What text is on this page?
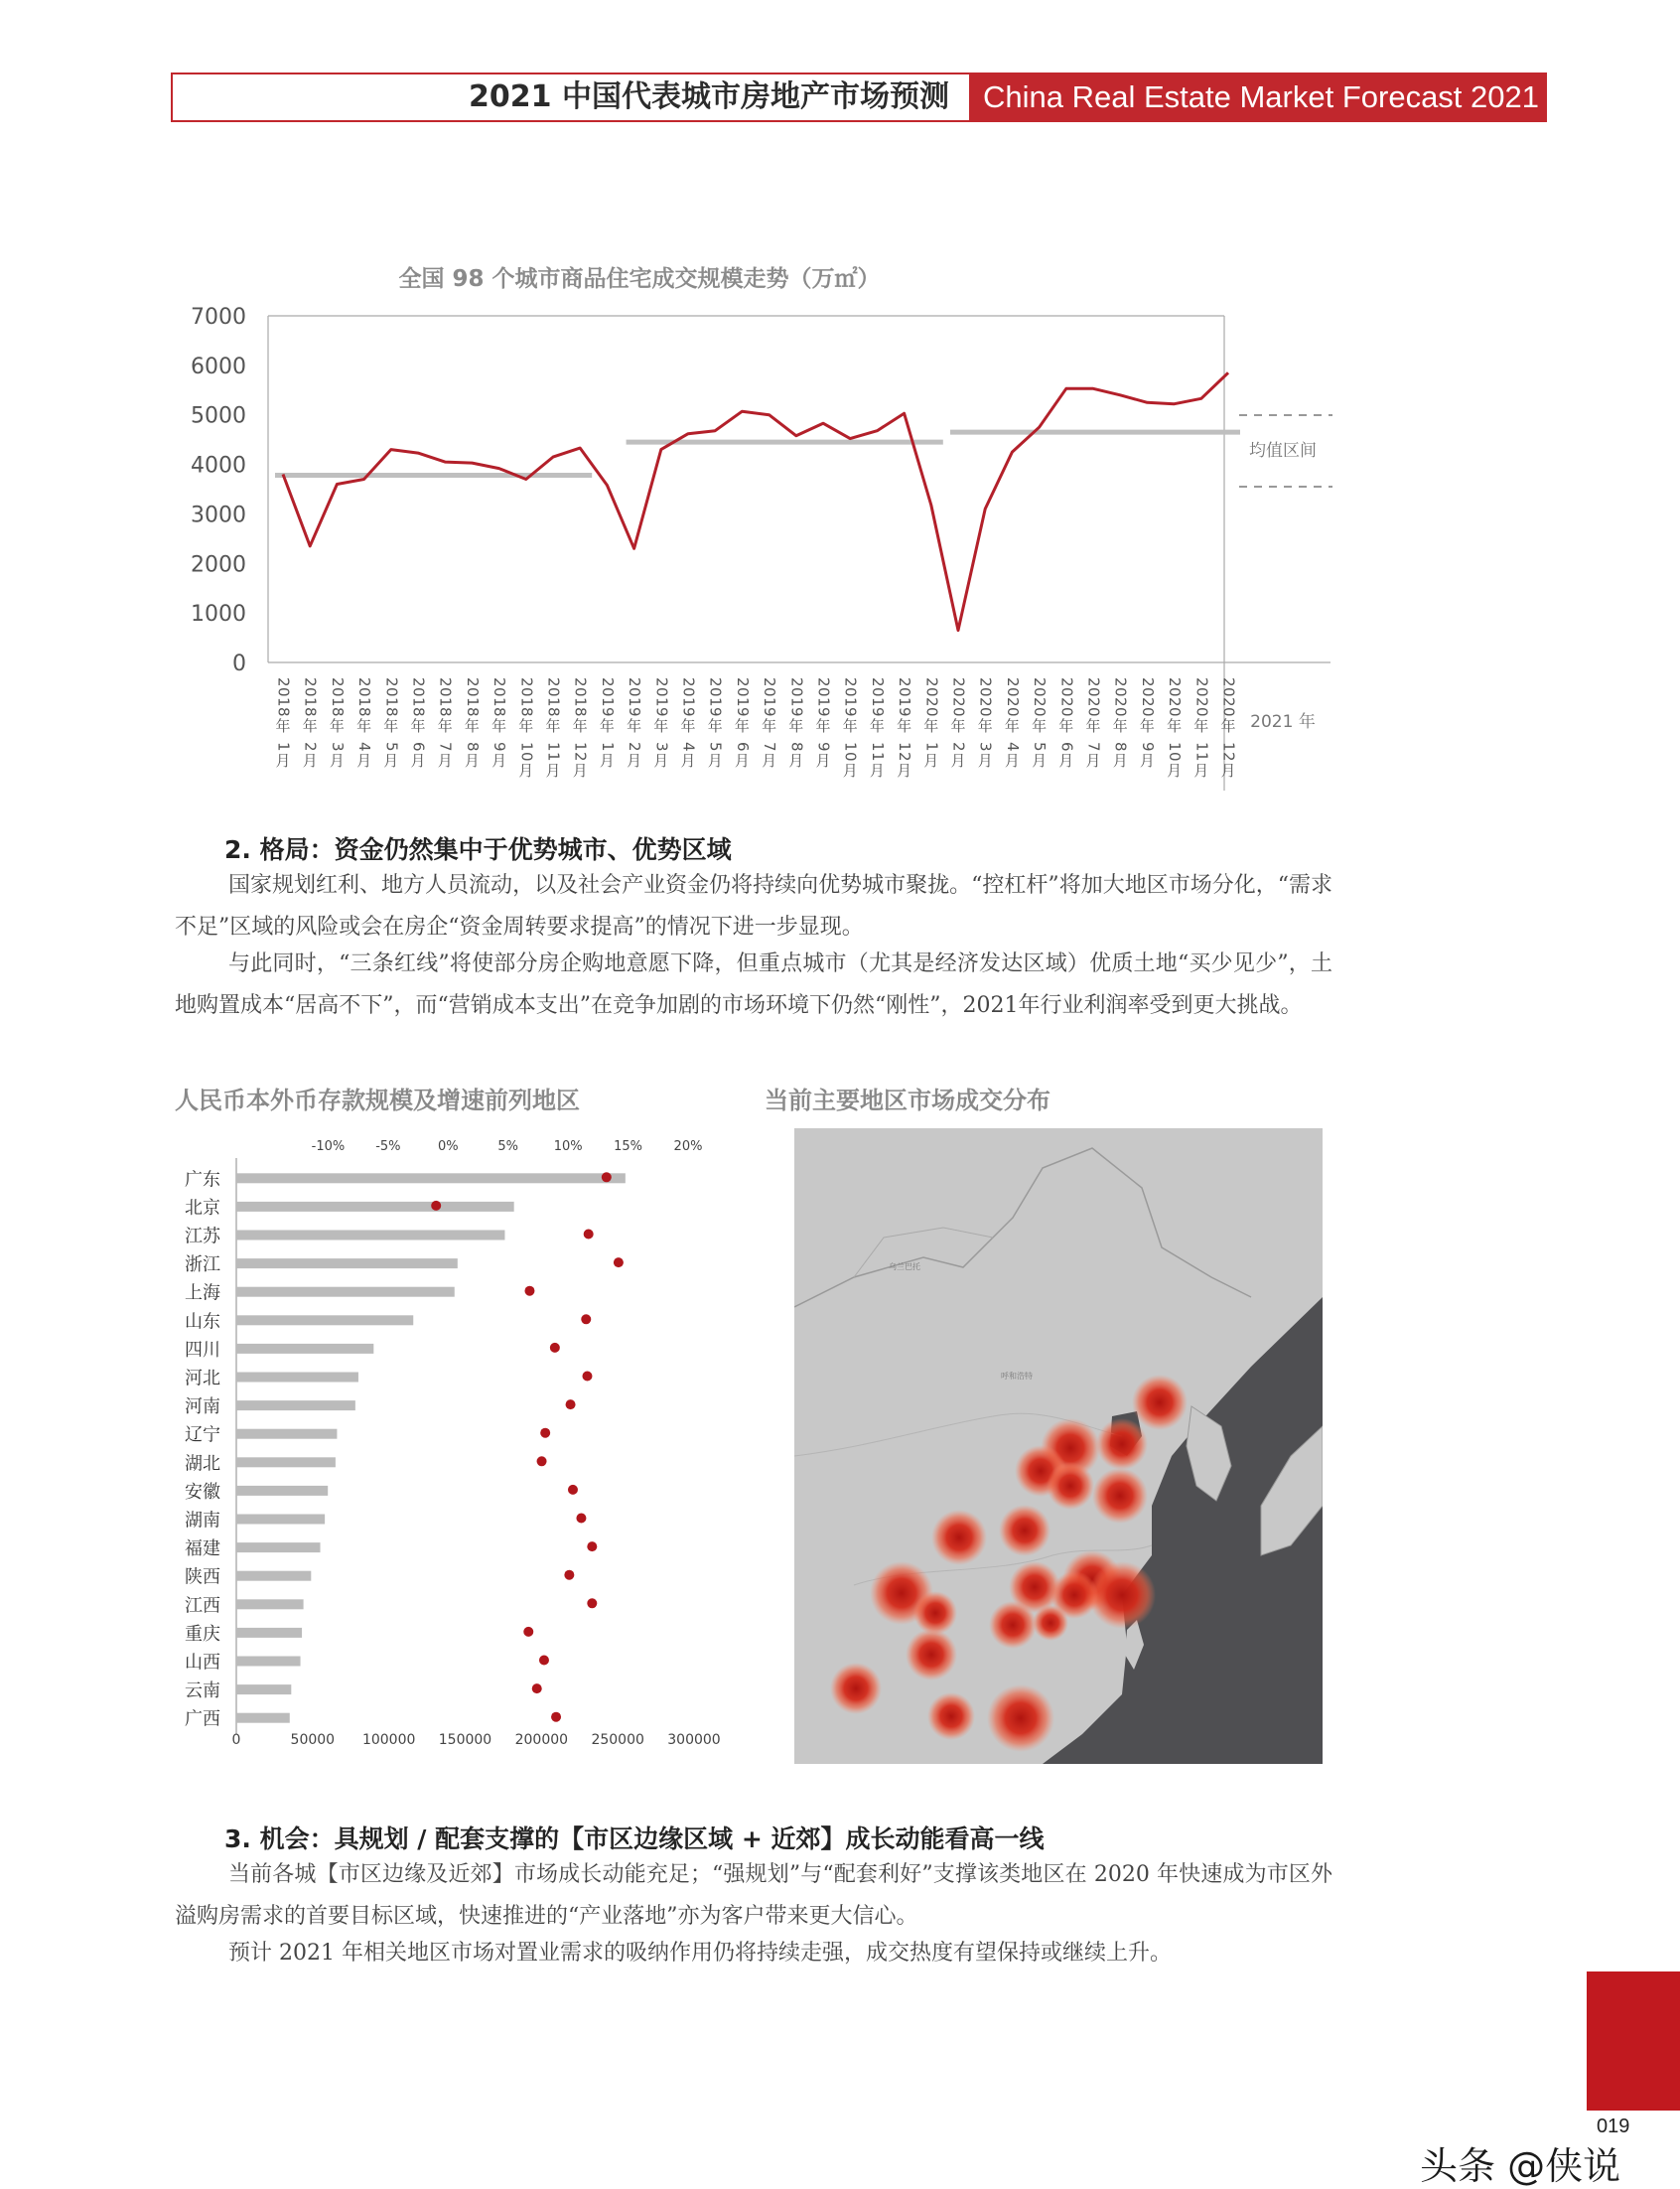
2021 中国代表城市房地产市场预测	China Real Estate Market Forecast 2021
全国 98 个城市商品住宅成交规模走势（万㎡）
0
1000
2000
3000
4000
5000
6000
7000
2
0
1
8
年
1
月
2
0
1
8
年
2
月
2
0
1
8
年
3
月
2
0
1
8
年
4
月
2
0
1
8
年
5
月
2
0
1
8
年
6
月
2
0
1
8
年
7
月
2
0
1
8
年
8
月
2
0
1
8
年
9
月
2
0
1
8
年
1
0
月
2
0
1
8
年
1
1
月
2
0
1
8
年
1
2
月
2
0
1
9
年
1
月
2
0
1
9
年
2
月
2
0
1
9
年
3
月
2
0
1
9
年
4
月
2
0
1
9
年
5
月
2
0
1
9
年
6
月
2
0
1
9
年
7
月
2
0
1
9
年
8
月
2
0
1
9
年
9
月
2
0
1
9
年
1
0
月
2
0
1
9
年
1
1
月
2
0
1
9
年
1
2
月
2
0
2
0
年
1
月
2
0
2
0
年
2
月
2
0
2
0
年
3
月
2
0
2
0
年
4
月
2
0
2
0
年
5
月
2
0
2
0
年
6
月
2
0
2
0
年
7
月
2
0
2
0
年
8
月
2
0
2
0
年
9
月
2
0
2
0
年
1
0
月
2
0
2
0
年
1
1
月
2
0
2
0
年
1
2
月
均值区间
2021 年
2. 格局：资金仍然集中于优势城市、优势区域
国家规划红利、地方人员流动，以及社会产业资金仍将持续向优势城市聚拢。“控杠杆”将加大地区市场分化，“需求不足”区域的风险或会在房企“资金周转要求提高”的情况下进一步显现。
与此同时，“三条红线”将使部分房企购地意愿下降，但重点城市（尤其是经济发达区域）优质土地“买少见少”，土地购置成本“居高不下”，而“营销成本支出”在竞争加剧的市场环境下仍然“刚性”，2021年行业利润率受到更大挑战。
人民币本外币存款规模及增速前列地区	当前主要地区市场成交分布
-10% -5%	0%	5%	10% 15% 20%
广东
北京
江苏
浙江
上海
山东
四川
河北
河南
辽宁
湖北
安徽
湖南
福建
陕西
江西
重庆
山西
云南
广西
0	50000 100000 150000 200000 250000 300000
乌兰巴托
呼和浩特
3. 机会：具规划 / 配套支撑的【市区边缘区域 + 近郊】成长动能看高一线
当前各城【市区边缘及近郊】市场成长动能充足；“强规划”与“配套利好”支撑该类地区在 2020 年快速成为市区外溢购房需求的首要目标区域，快速推进的“产业落地”亦为客户带来更大信心。
预计 2021 年相关地区市场对置业需求的吸纳作用仍将持续走强，成交热度有望保持或继续上升。
019
头条 @侠说
